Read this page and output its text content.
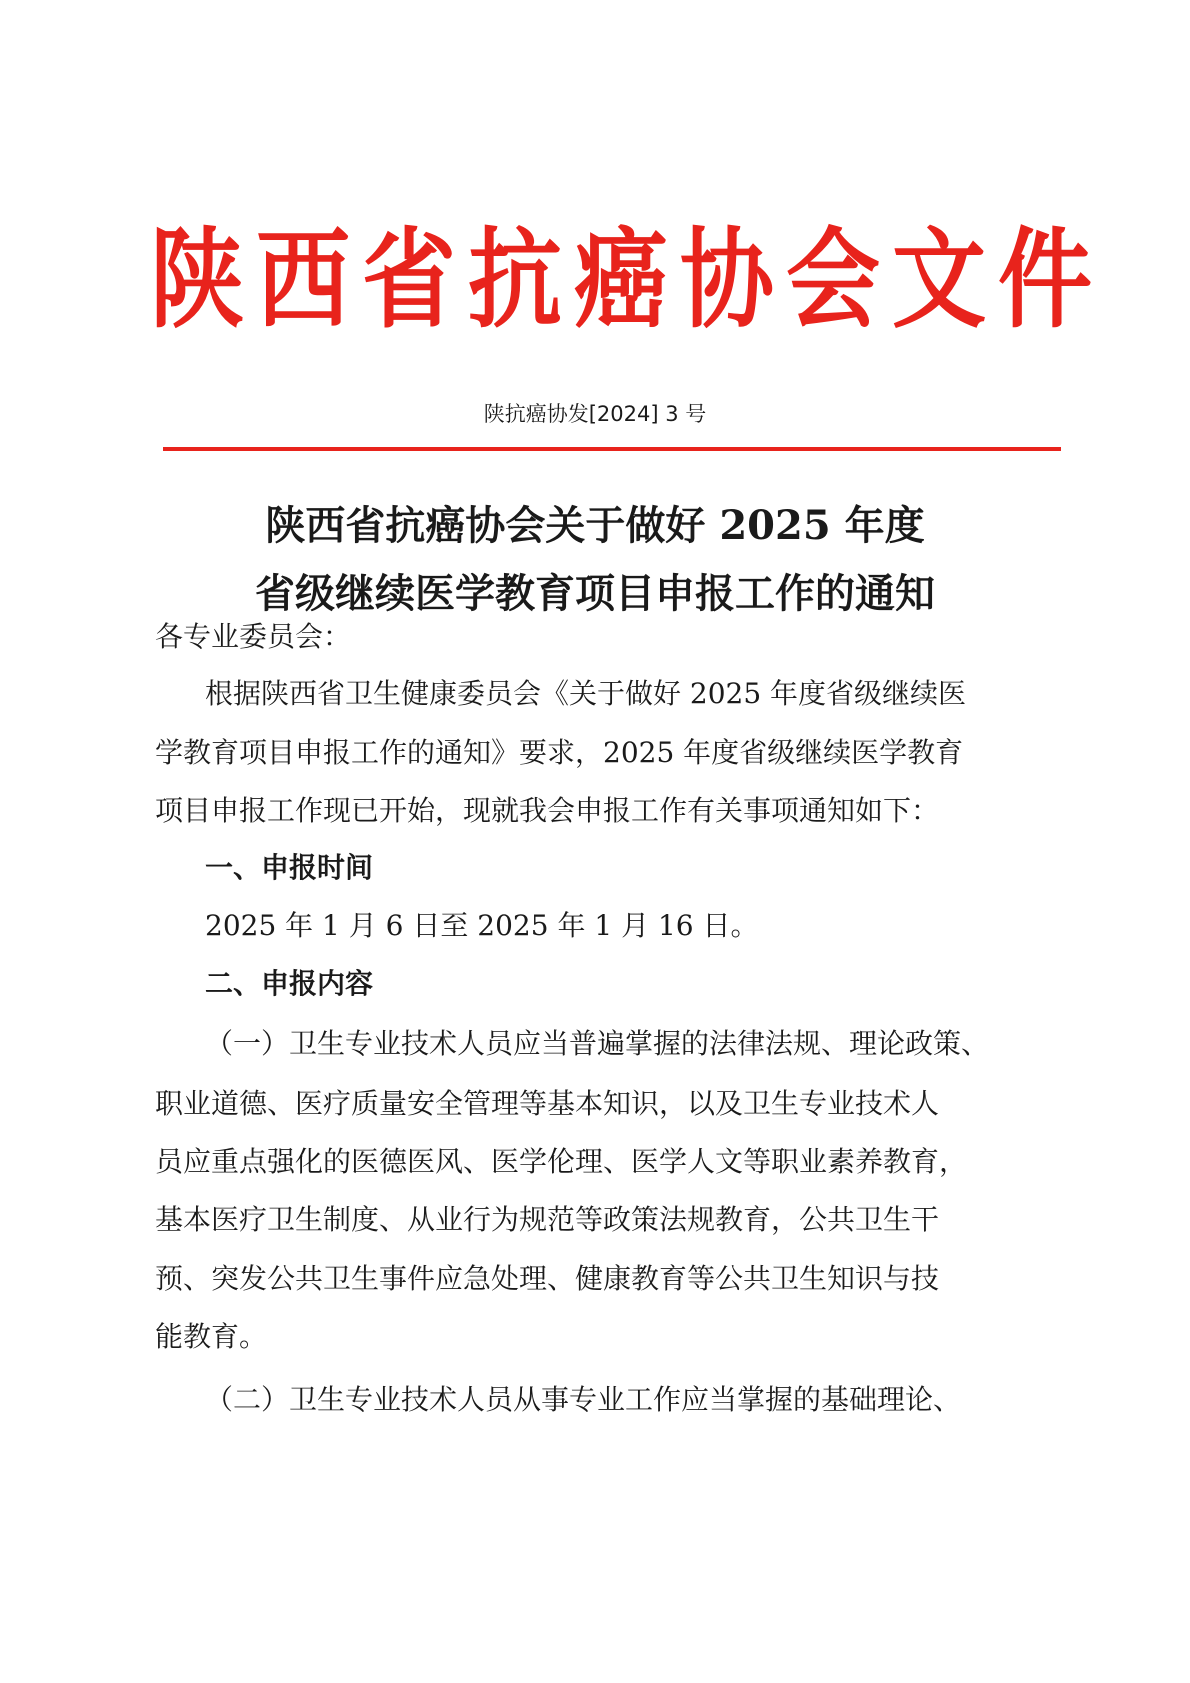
陕西省抗癌协会文件
陕抗癌协发[2024] 3 号
陕西省抗癌协会关于做好 2025 年度
省级继续医学教育项目申报工作的通知
各专业委员会：
根据陕西省卫生健康委员会《关于做好 2025 年度省级继续医
学教育项目申报工作的通知》要求，2025 年度省级继续医学教育
项目申报工作现已开始，现就我会申报工作有关事项通知如下：
一、申报时间
2025 年 1 月 6 日至 2025 年 1 月 16 日。
二、申报内容
（一）卫生专业技术人员应当普遍掌握的法律法规、理论政策、
职业道德、医疗质量安全管理等基本知识，以及卫生专业技术人
员应重点强化的医德医风、医学伦理、医学人文等职业素养教育，
基本医疗卫生制度、从业行为规范等政策法规教育，公共卫生干
预、突发公共卫生事件应急处理、健康教育等公共卫生知识与技
能教育。
（二）卫生专业技术人员从事专业工作应当掌握的基础理论、
